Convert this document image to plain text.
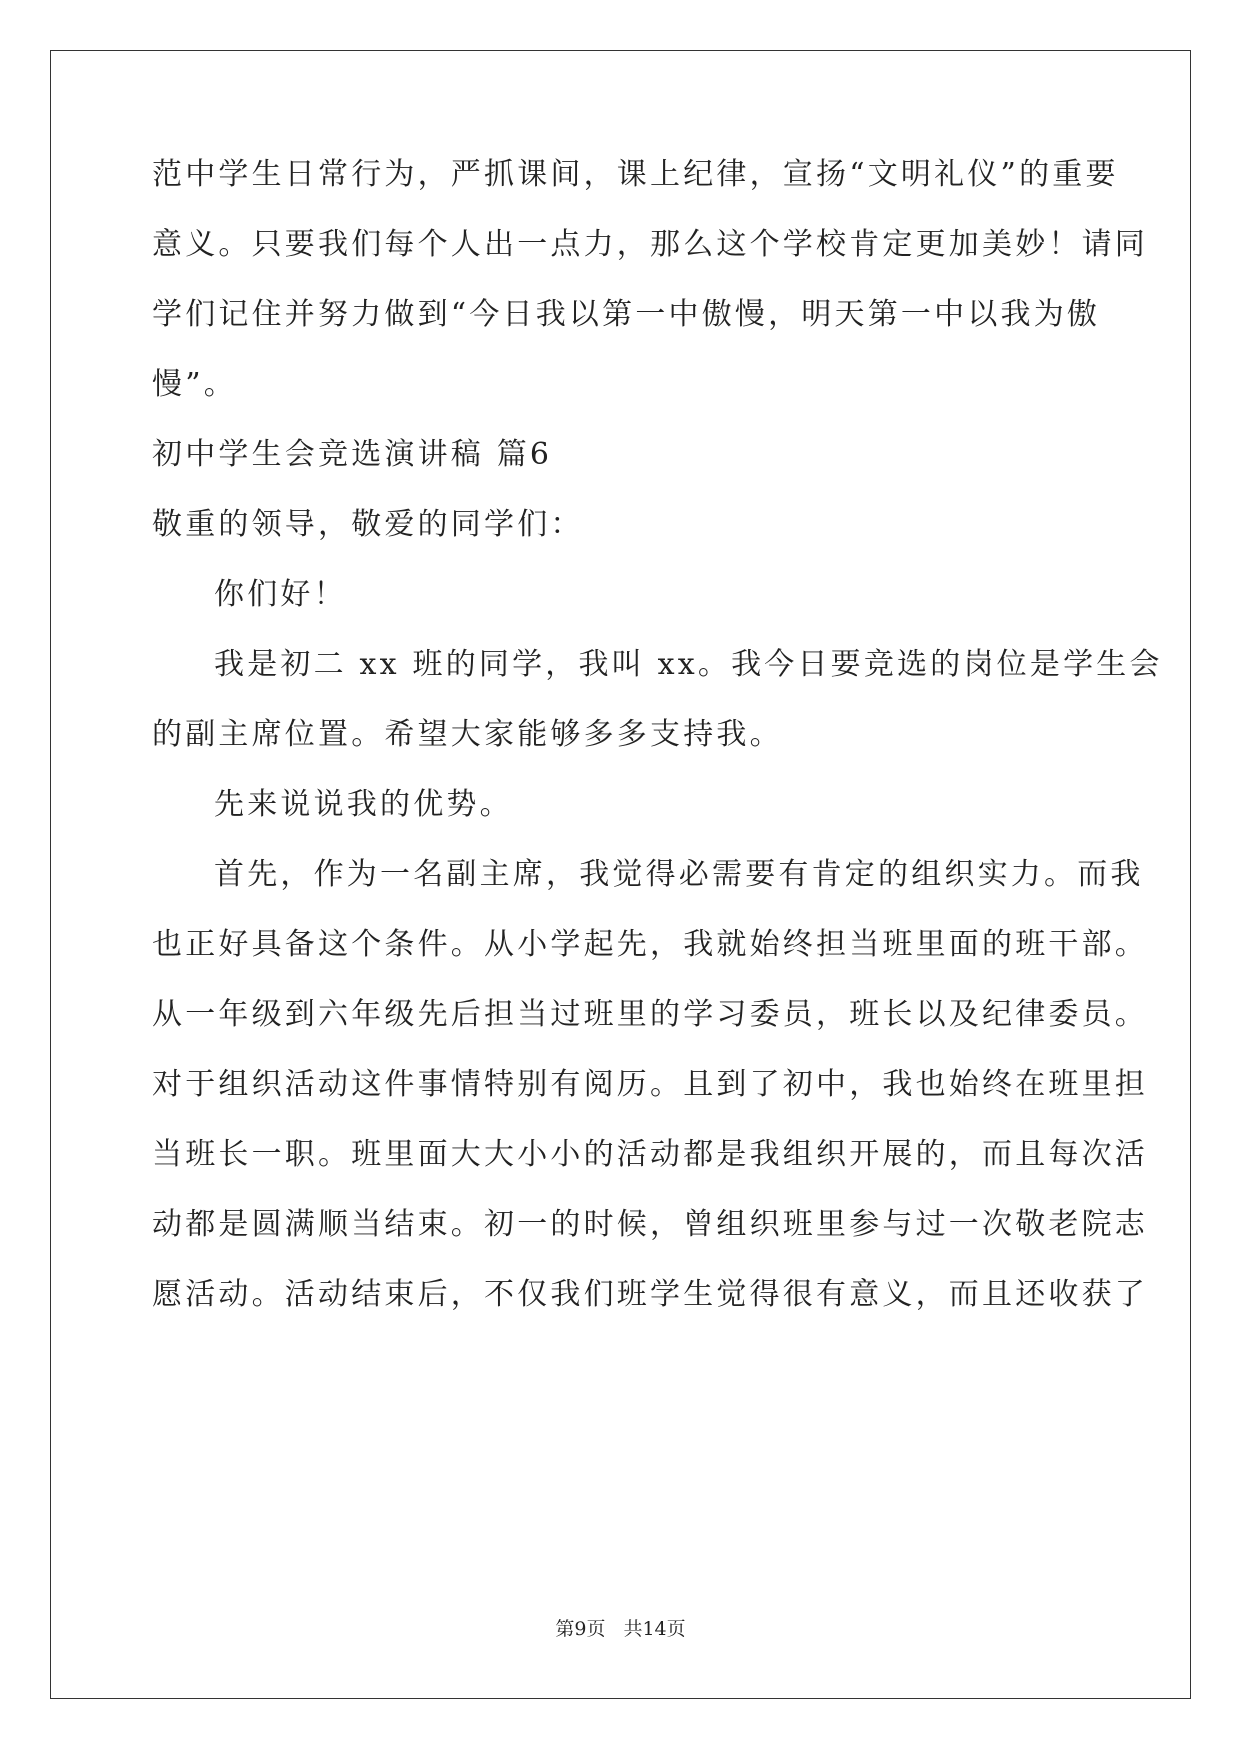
范中学生日常行为，严抓课间，课上纪律，宣扬“文明礼仪”的重要
意义。只要我们每个人出一点力，那么这个学校肯定更加美妙！请同
学们记住并努力做到“今日我以第一中傲慢，明天第一中以我为傲
慢”。
初中学生会竞选演讲稿 篇6
敬重的领导，敬爱的同学们：
你们好！
我是初二 xx 班的同学，我叫 xx。我今日要竞选的岗位是学生会
的副主席位置。希望大家能够多多支持我。
先来说说我的优势。
首先，作为一名副主席，我觉得必需要有肯定的组织实力。而我
也正好具备这个条件。从小学起先，我就始终担当班里面的班干部。
从一年级到六年级先后担当过班里的学习委员，班长以及纪律委员。
对于组织活动这件事情特别有阅历。且到了初中，我也始终在班里担
当班长一职。班里面大大小小的活动都是我组织开展的，而且每次活
动都是圆满顺当结束。初一的时候，曾组织班里参与过一次敬老院志
愿活动。活动结束后，不仅我们班学生觉得很有意义，而且还收获了
第9页 共14页
